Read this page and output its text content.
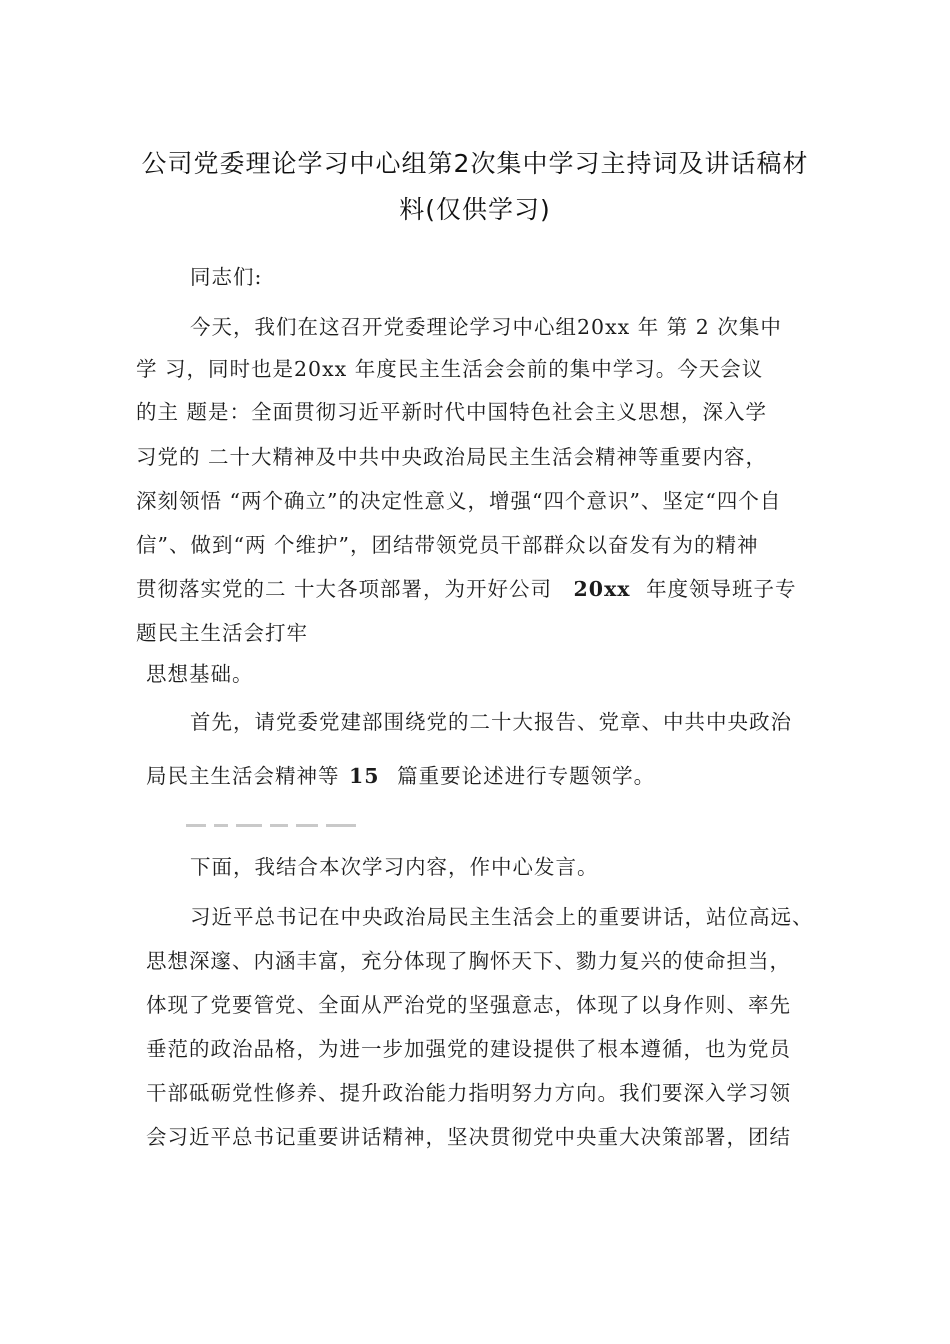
公司党委理论学习中心组第2次集中学习主持词及讲话稿材
料(仅供学习)
同志们:
今天，我们在这召开党委理论学习中心组20xx 年 第 2 次集中
学 习，同时也是20xx 年度民主生活会会前的集中学习。今天会议
的主 题是：全面贯彻习近平新时代中国特色社会主义思想，深入学
习党的 二十大精神及中共中央政治局民主生活会精神等重要内容，
深刻领悟 “两个确立”的决定性意义，增强“四个意识”、坚定“四个自
信”、做到“两 个维护”，团结带领党员干部群众以奋发有为的精神
贯彻落实党的二 十大各项部署，为开好公司 20xx 年度领导班子专
题民主生活会打牢
思想基础。
首先，请党委党建部围绕党的二十大报告、党章、中共中央政治
局民主生活会精神等 15 篇重要论述进行专题领学。
下面，我结合本次学习内容，作中心发言。
习近平总书记在中央政治局民主生活会上的重要讲话，站位高远、
思想深邃、内涵丰富，充分体现了胸怀天下、勠力复兴的使命担当，
体现了党要管党、全面从严治党的坚强意志，体现了以身作则、率先
垂范的政治品格，为进一步加强党的建设提供了根本遵循，也为党员
干部砥砺党性修养、提升政治能力指明努力方向。我们要深入学习领
会习近平总书记重要讲话精神，坚决贯彻党中央重大决策部署，团结
